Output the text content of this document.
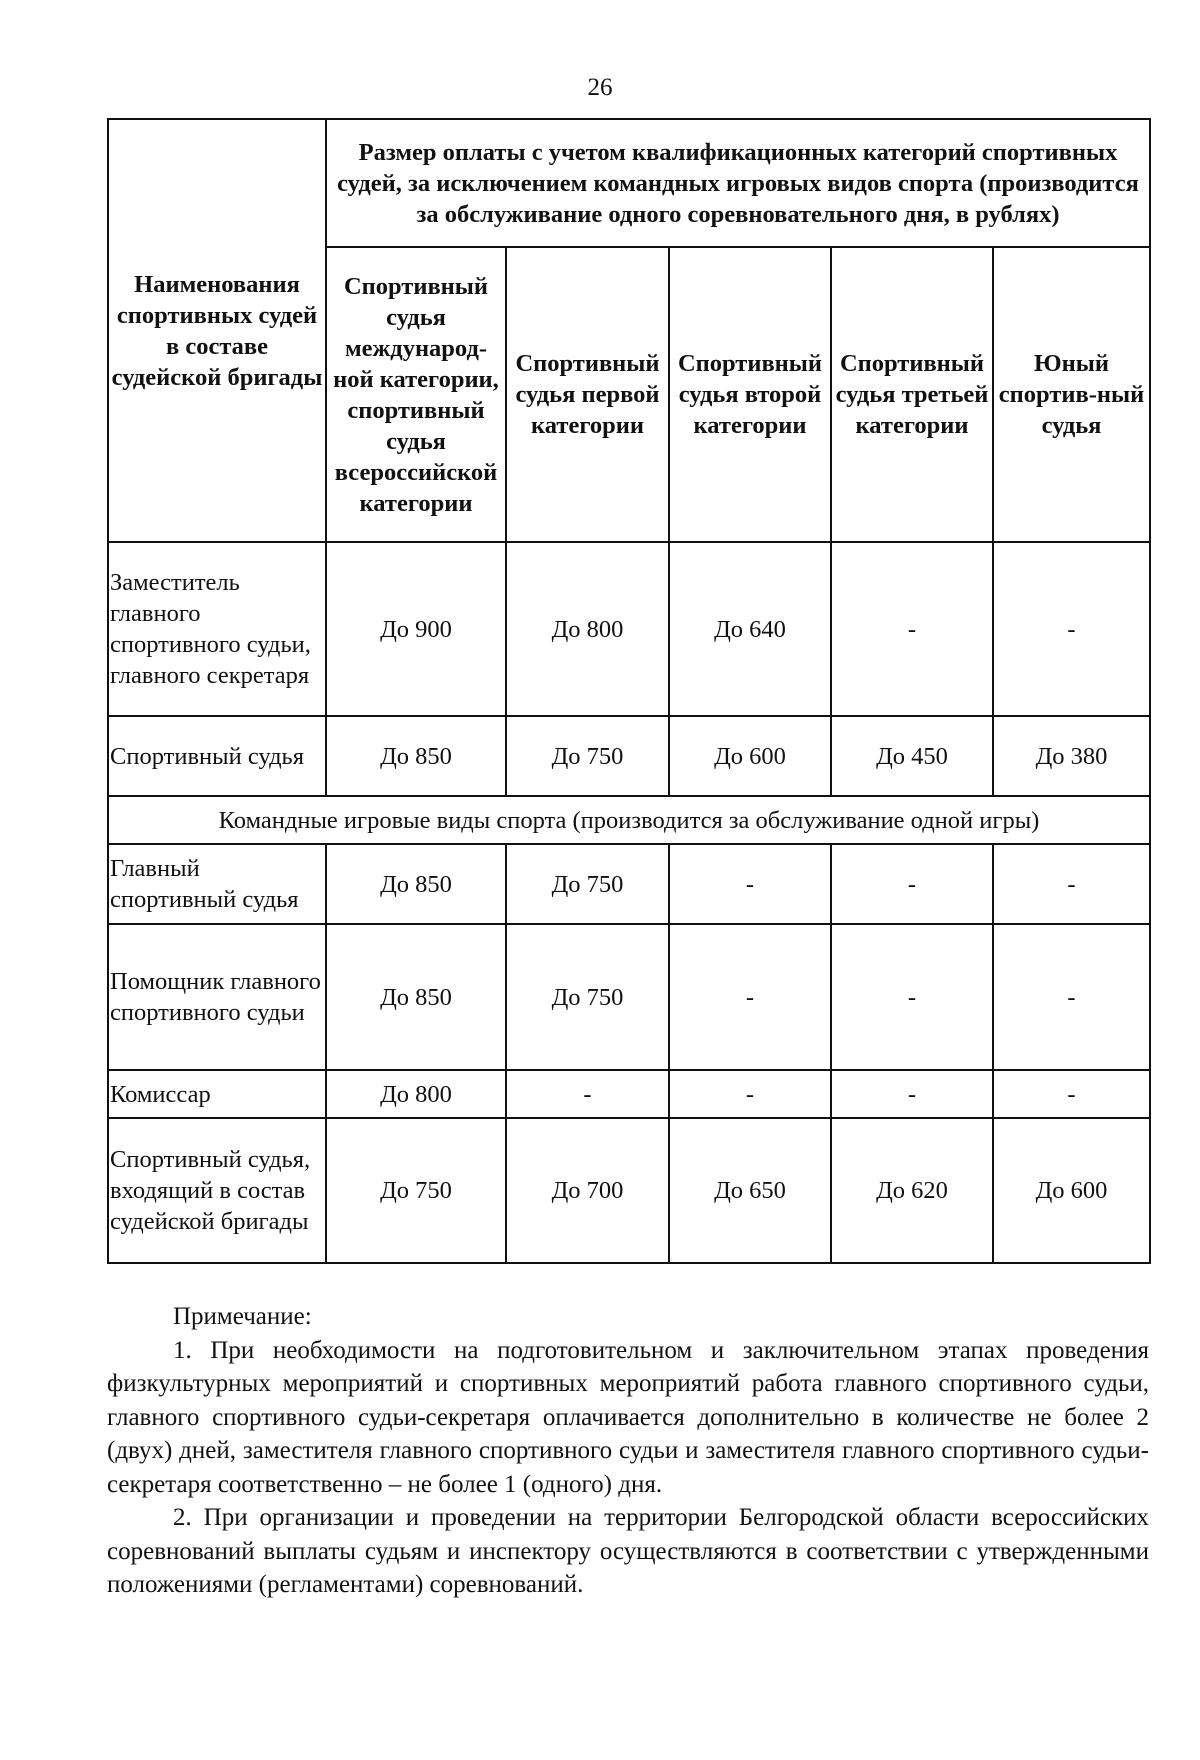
26
Наименования спортивных судей в составе судейской бригады	Размер оплаты с учетом квалификационных категорий спортивных судей, за исключением командных игровых видов спорта (производится за обслуживание одного соревновательного дня, в рублях)				
	Спортивный судья международ-ной категории, спортивный судья всероссийской категории	Спортивный судья первой категории	Спортивный судья второй категории	Спортивный судья третьей категории	Юный спортив-ный судья
Заместитель главного спортивного судьи, главного секретаря	До 900	До 800	До 640	-	-
Спортивный судья	До 850	До 750	До 600	До 450	До 380
Командные игровые виды спорта (производится за обслуживание одной игры)					
Главный спортивный судья	До 850	До 750	-	-	-
Помощник главного спортивного судьи	До 850	До 750	-	-	-
Комиссар	До 800	-	-	-	-
Спортивный судья, входящий в состав судейской бригады	До 750	До 700	До 650	До 620	До 600

Примечание:

1. При необходимости на подготовительном и заключительном этапах проведения физкультурных мероприятий и спортивных мероприятий работа главного спортивного судьи, главного спортивного судьи-секретаря оплачивается дополнительно в количестве не более 2 (двух) дней, заместителя главного спортивного судьи и заместителя главного спортивного судьи-секретаря соответственно – не более 1 (одного) дня.

2. При организации и проведении на территории Белгородской области всероссийских соревнований выплаты судьям и инспектору осуществляются в соответствии с утвержденными положениями (регламентами) соревнований.
